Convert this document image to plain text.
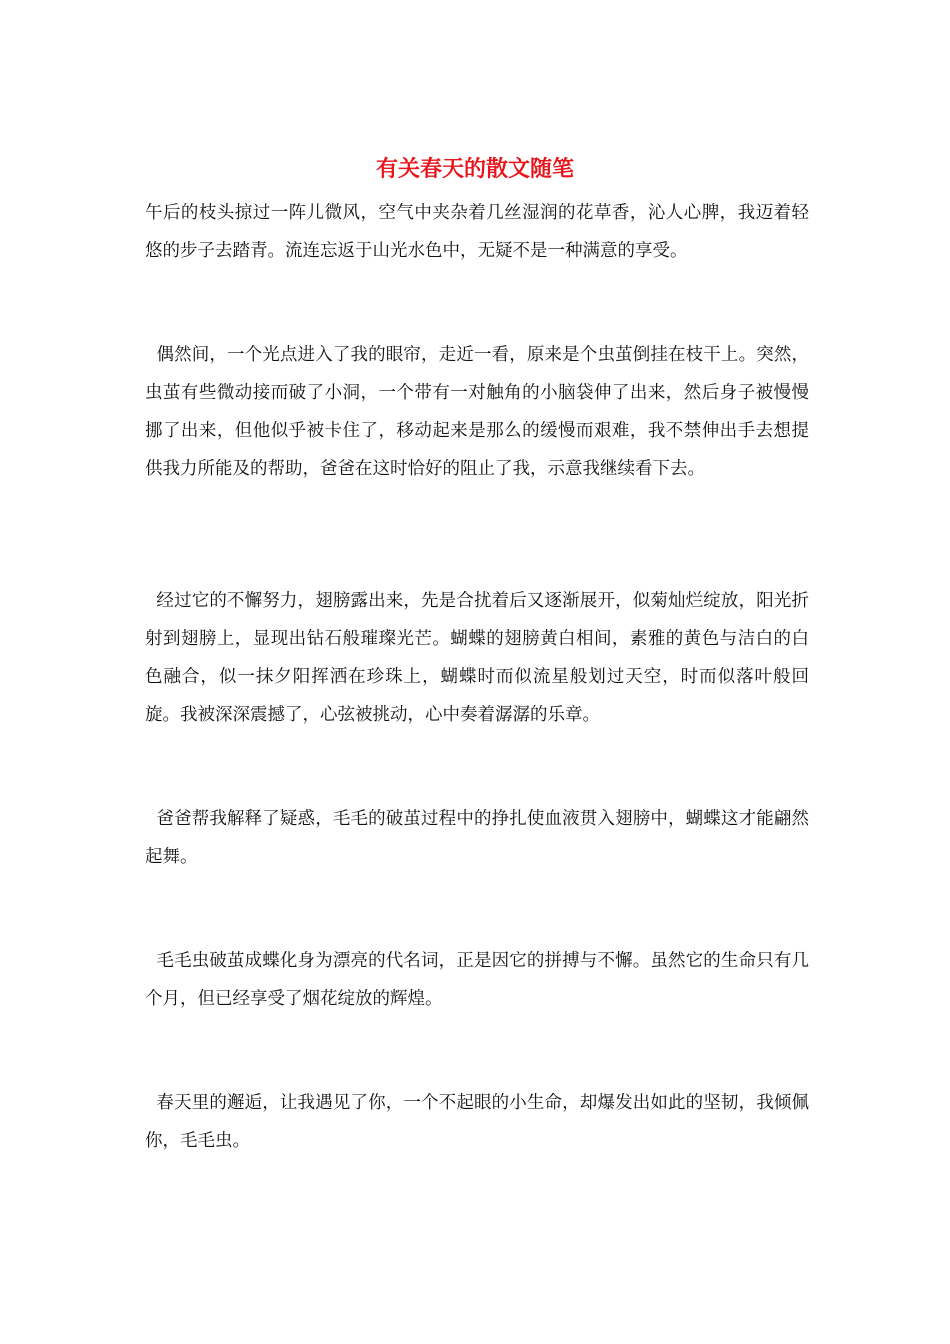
有关春天的散文随笔

午后的枝头掠过一阵儿微风，空气中夹杂着几丝湿润的花草香，沁人心脾，我迈着轻悠的步子去踏青。流连忘返于山光水色中，无疑不是一种满意的享受。

偶然间，一个光点进入了我的眼帘，走近一看，原来是个虫茧倒挂在枝干上。突然，虫茧有些微动接而破了小洞，一个带有一对触角的小脑袋伸了出来，然后身子被慢慢挪了出来，但他似乎被卡住了，移动起来是那么的缓慢而艰难，我不禁伸出手去想提供我力所能及的帮助，爸爸在这时恰好的阻止了我，示意我继续看下去。

经过它的不懈努力，翅膀露出来，先是合扰着后又逐渐展开，似菊灿烂绽放，阳光折射到翅膀上，显现出钻石般璀璨光芒。蝴蝶的翅膀黄白相间，素雅的黄色与洁白的白色融合，似一抹夕阳挥洒在珍珠上，蝴蝶时而似流星般划过天空，时而似落叶般回旋。我被深深震撼了，心弦被挑动，心中奏着潺潺的乐章。

爸爸帮我解释了疑惑，毛毛的破茧过程中的挣扎使血液贯入翅膀中，蝴蝶这才能翩然起舞。

毛毛虫破茧成蝶化身为漂亮的代名词，正是因它的拼搏与不懈。虽然它的生命只有几个月，但已经享受了烟花绽放的辉煌。

春天里的邂逅，让我遇见了你，一个不起眼的小生命，却爆发出如此的坚韧，我倾佩你，毛毛虫。
